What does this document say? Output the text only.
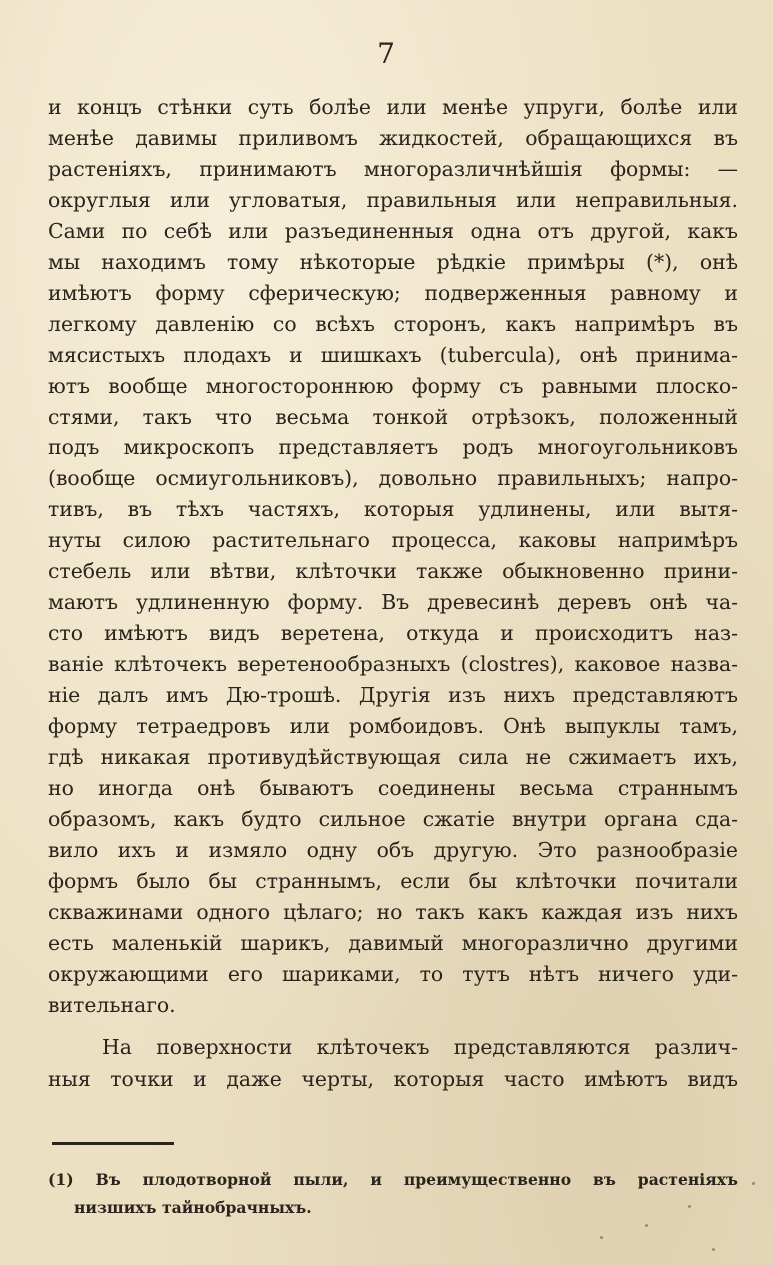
7
и концъ стѣнки суть болѣе или менѣе упруги, болѣе или
менѣе давимы приливомъ жидкостей, обращающихся въ
растеніяхъ, принимаютъ многоразличнѣйшія формы: —
округлыя или угловатыя, правильныя или неправильныя.
Сами по себѣ или разъединенныя одна отъ другой, какъ
мы находимъ тому нѣкоторые рѣдкіе примѣры (*), онѣ
имѣютъ форму сферическую; подверженныя равному и
легкому давленію со всѣхъ сторонъ, какъ напримѣръ въ
мясистыхъ плодахъ и шишкахъ (tubercula), онѣ принима-
ютъ вообще многостороннюю форму съ равными плоско-
стями, такъ что весьма тонкой отрѣзокъ, положенный
подъ микроскопъ представляетъ родъ многоугольниковъ
(вообще осмиугольниковъ), довольно правильныхъ; напро-
тивъ, въ тѣхъ частяхъ, которыя удлинены, или вытя-
нуты силою растительнаго процесса, каковы напримѣръ
стебель или вѣтви, клѣточки также обыкновенно прини-
маютъ удлиненную форму. Въ древесинѣ деревъ онѣ ча-
сто имѣютъ видъ веретена, откуда и происходитъ наз-
ваніе клѣточекъ веретенообразныхъ (clostres), каковое назва-
ніе далъ имъ Дю-трошѣ. Другія изъ нихъ представляютъ
форму тетраедровъ или ромбоидовъ. Онѣ выпуклы тамъ,
гдѣ никакая противудѣйствующая сила не сжимаетъ ихъ,
но иногда онѣ бываютъ соединены весьма страннымъ
образомъ, какъ будто сильное сжатіе внутри органа сда-
вило ихъ и измяло одну объ другую. Это разнообразіе
формъ было бы страннымъ, если бы клѣточки почитали
скважинами одного цѣлаго; но такъ какъ каждая изъ нихъ
есть маленькій шарикъ, давимый многоразлично другими
окружающими его шариками, то тутъ нѣтъ ничего уди-
вительнаго.
На поверхности клѣточекъ представляются различ-
ныя точки и даже черты, которыя часто имѣютъ видъ
(1) Въ плодотворной пыли, и преимущественно въ растеніяхъ
низшихъ тайнобрачныхъ.
